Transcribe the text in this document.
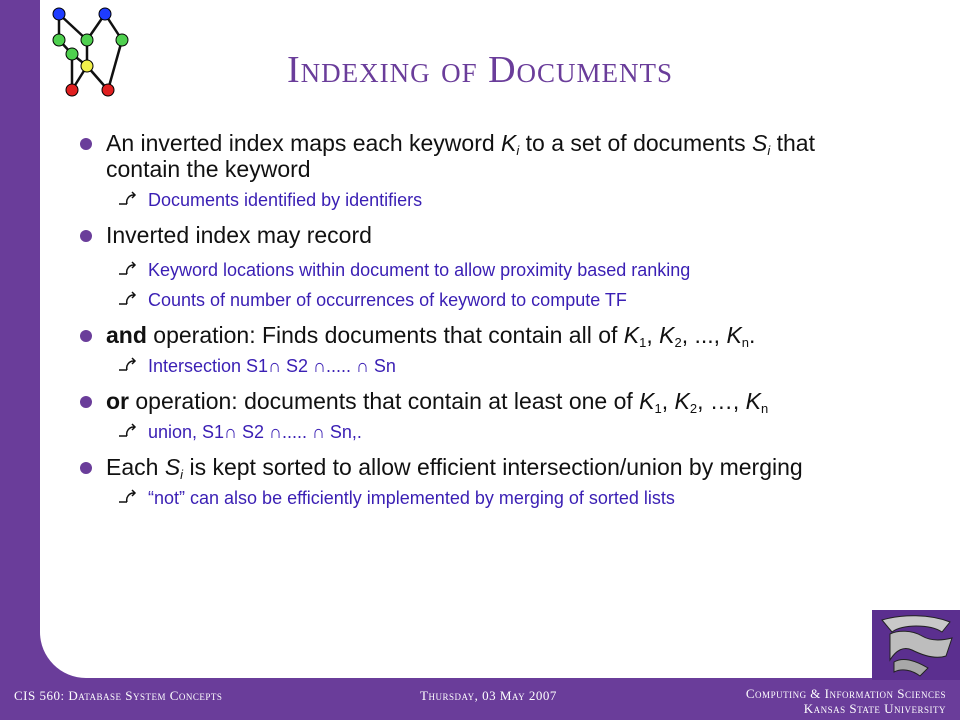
Indexing of Documents
An inverted index maps each keyword $K_i$ to a set of documents $S_i$ that contain the keyword
Documents identified by identifiers
Inverted index may record
Keyword locations within document to allow proximity based ranking
Counts of number of occurrences of keyword to compute TF
and operation: Finds documents that contain all of $K_1$, $K_2$, ..., $K_n$.
Intersection S1∩ S2 ∩..... ∩ Sn
or operation: documents that contain at least one of $K_1$, $K_2$, …, $K_n$
union, S1∩ S2 ∩..... ∩ Sn,.
Each $S_i$ is kept sorted to allow efficient intersection/union by merging
“not” can also be efficiently implemented by merging of sorted lists
CIS 560: Database System Concepts	Thursday, 03 May 2007	Computing & Information Sciences
Kansas State University
